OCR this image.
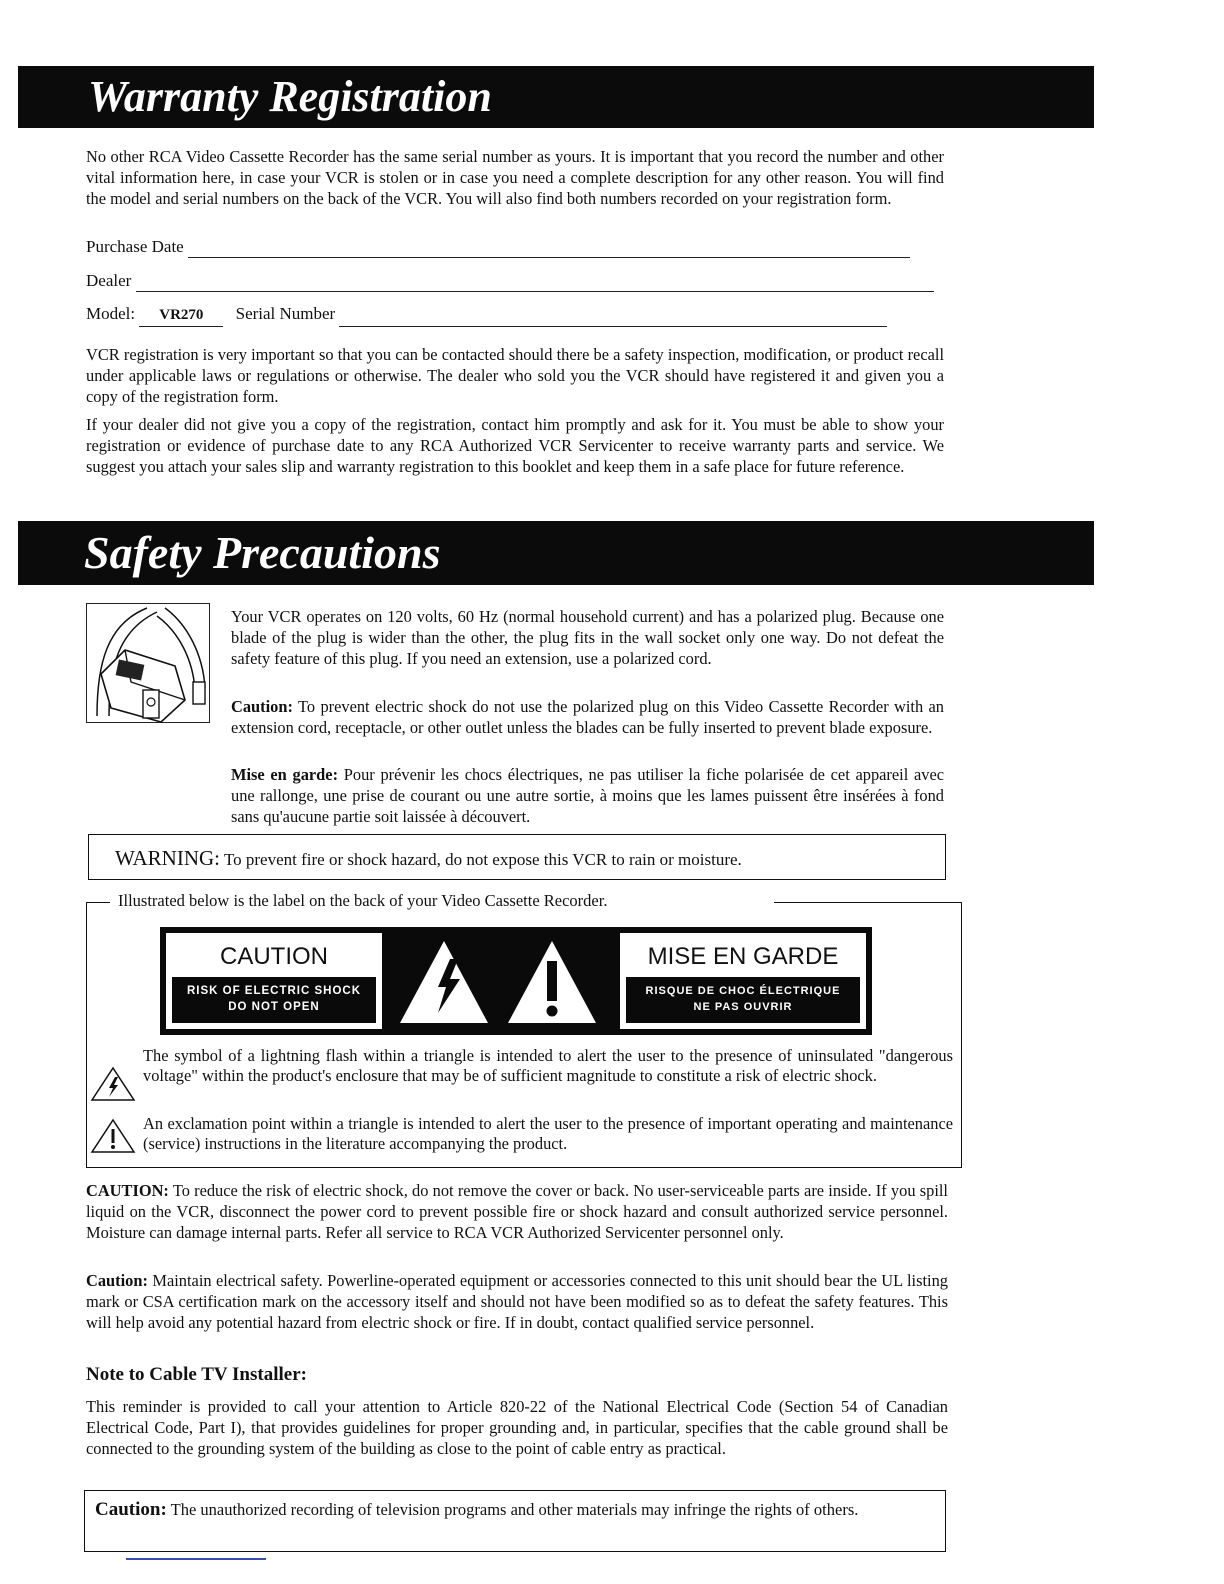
Warranty Registration

No other RCA Video Cassette Recorder has the same serial number as yours. It is important that you record the number and other vital information here, in case your VCR is stolen or in case you need a complete description for any other reason. You will find the model and serial numbers on the back of the VCR. You will also find both numbers recorded on your registration form.

Purchase Date
Dealer
Model: VR270 Serial Number

VCR registration is very important so that you can be contacted should there be a safety inspection, modification, or product recall under applicable laws or regulations or otherwise. The dealer who sold you the VCR should have registered it and given you a copy of the registration form.

If your dealer did not give you a copy of the registration, contact him promptly and ask for it. You must be able to show your registration or evidence of purchase date to any RCA Authorized VCR Servicenter to receive warranty parts and service. We suggest you attach your sales slip and warranty registration to this booklet and keep them in a safe place for future reference.

Safety Precautions

Your VCR operates on 120 volts, 60 Hz (normal household current) and has a polarized plug. Because one blade of the plug is wider than the other, the plug fits in the wall socket only one way. Do not defeat the safety feature of this plug. If you need an extension, use a polarized cord.

Caution: To prevent electric shock do not use the polarized plug on this Video Cassette Recorder with an extension cord, receptacle, or other outlet unless the blades can be fully inserted to prevent blade exposure.

Mise en garde: Pour prévenir les chocs électriques, ne pas utiliser la fiche polarisée de cet appareil avec une rallonge, une prise de courant ou une autre sortie, à moins que les lames puissent être insérées à fond sans qu'aucune partie soit laissée à découvert.

WARNING: To prevent fire or shock hazard, do not expose this VCR to rain or moisture.
Illustrated below is the label on the back of your Video Cassette Recorder.
CAUTION
RISK OF ELECTRIC SHOCK
DO NOT OPEN
MISE EN GARDE
RISQUE DE CHOC ÉLECTRIQUE
NE PAS OUVRIR

The symbol of a lightning flash within a triangle is intended to alert the user to the presence of uninsulated "dangerous voltage" within the product's enclosure that may be of sufficient magnitude to constitute a risk of electric shock.

An exclamation point within a triangle is intended to alert the user to the presence of important operating and maintenance (service) instructions in the literature accompanying the product.

CAUTION: To reduce the risk of electric shock, do not remove the cover or back. No user-serviceable parts are inside. If you spill liquid on the VCR, disconnect the power cord to prevent possible fire or shock hazard and consult authorized service personnel. Moisture can damage internal parts. Refer all service to RCA VCR Authorized Servicenter personnel only.

Caution: Maintain electrical safety. Powerline-operated equipment or accessories connected to this unit should bear the UL listing mark or CSA certification mark on the accessory itself and should not have been modified so as to defeat the safety features. This will help avoid any potential hazard from electric shock or fire. If in doubt, contact qualified service personnel.

Note to Cable TV Installer:

This reminder is provided to call your attention to Article 820-22 of the National Electrical Code (Section 54 of Canadian Electrical Code, Part I), that provides guidelines for proper grounding and, in particular, specifies that the cable ground shall be connected to the grounding system of the building as close to the point of cable entry as practical.

Caution: The unauthorized recording of television programs and other materials may infringe the rights of others.
